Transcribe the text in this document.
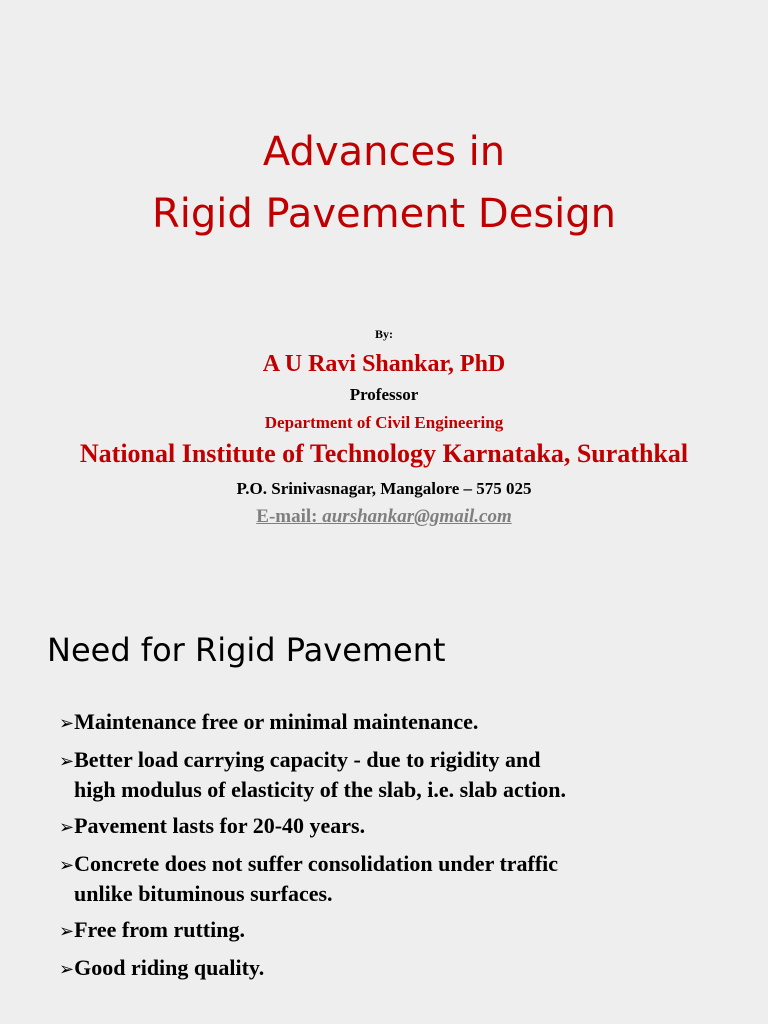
Advances in
Rigid Pavement Design
By:
A U Ravi Shankar, PhD
Professor
Department of Civil Engineering
National Institute of Technology Karnataka, Surathkal
P.O. Srinivasnagar, Mangalore – 575 025
E-mail: aurshankar@gmail.com
Need for Rigid Pavement
➢Maintenance free or minimal maintenance.
➢Better load carrying capacity - due to rigidity and
high modulus of elasticity of the slab, i.e. slab action.
➢Pavement lasts for 20-40 years.
➢Concrete does not suffer consolidation under traffic
unlike bituminous surfaces.
➢Free from rutting.
➢Good riding quality.
